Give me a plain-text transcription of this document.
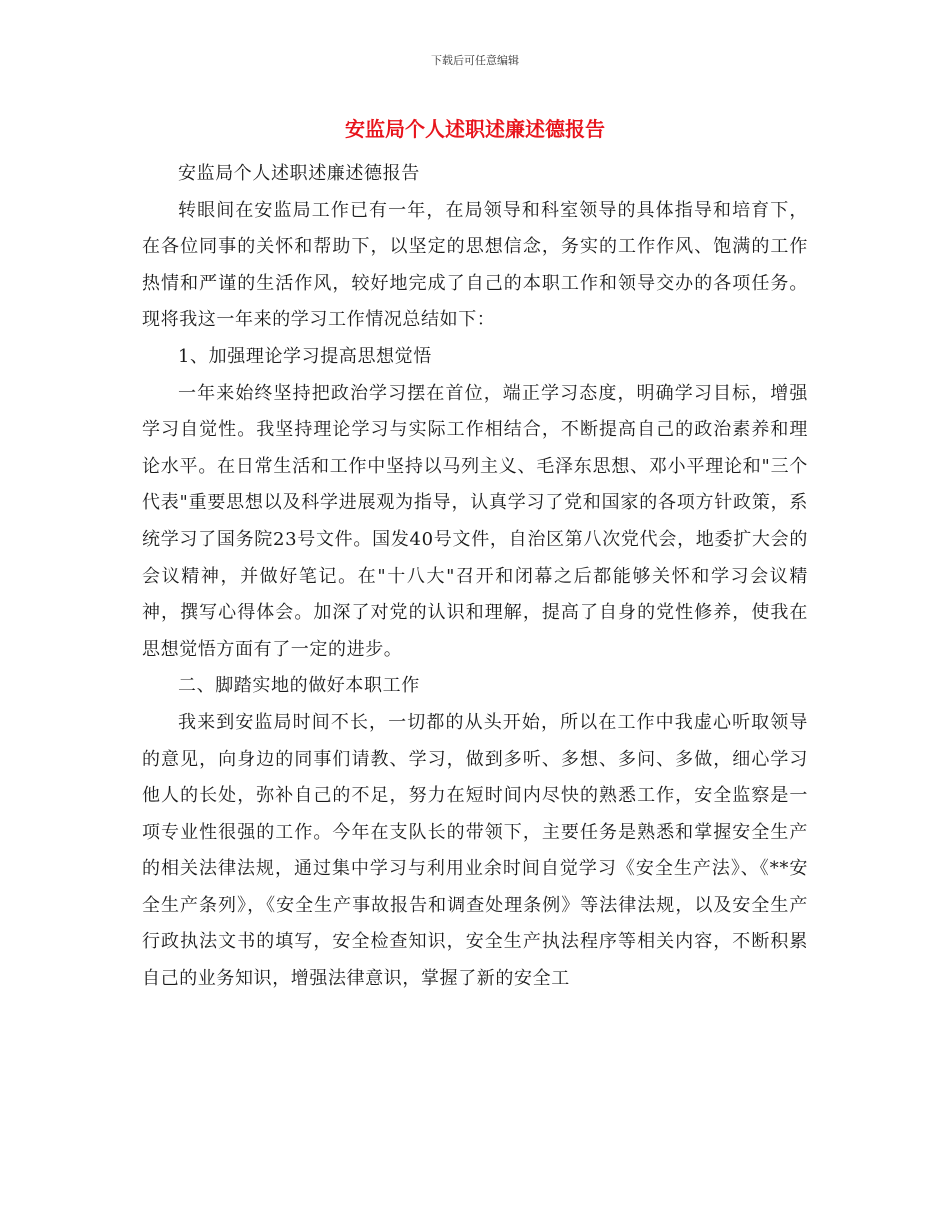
下载后可任意编辑
安监局个人述职述廉述德报告

安监局个人述职述廉述德报告

转眼间在安监局工作已有一年，在局领导和科室领导的具体指导和培育下，在各位同事的关怀和帮助下，以坚定的思想信念，务实的工作作风、饱满的工作热情和严谨的生活作风，较好地完成了自己的本职工作和领导交办的各项任务。现将我这一年来的学习工作情况总结如下：

1、加强理论学习提高思想觉悟

一年来始终坚持把政治学习摆在首位，端正学习态度，明确学习目标，增强学习自觉性。我坚持理论学习与实际工作相结合，不断提高自己的政治素养和理论水平。在日常生活和工作中坚持以马列主义、毛泽东思想、邓小平理论和"三个代表"重要思想以及科学进展观为指导，认真学习了党和国家的各项方针政策，系统学习了国务院23号文件。国发40号文件，自治区第八次党代会，地委扩大会的会议精神，并做好笔记。在"十八大"召开和闭幕之后都能够关怀和学习会议精神，撰写心得体会。加深了对党的认识和理解，提高了自身的党性修养，使我在思想觉悟方面有了一定的进步。

二、脚踏实地的做好本职工作

我来到安监局时间不长，一切都的从头开始，所以在工作中我虚心听取领导的意见，向身边的同事们请教、学习，做到多听、多想、多问、多做，细心学习他人的长处，弥补自己的不足，努力在短时间内尽快的熟悉工作，安全监察是一项专业性很强的工作。今年在支队长的带领下，主要任务是熟悉和掌握安全生产的相关法律法规，通过集中学习与利用业余时间自觉学习《安全生产法》、《**安全生产条列》，《安全生产事故报告和调查处理条例》等法律法规，以及安全生产行政执法文书的填写，安全检查知识，安全生产执法程序等相关内容，不断积累自己的业务知识，增强法律意识，掌握了新的安全工
